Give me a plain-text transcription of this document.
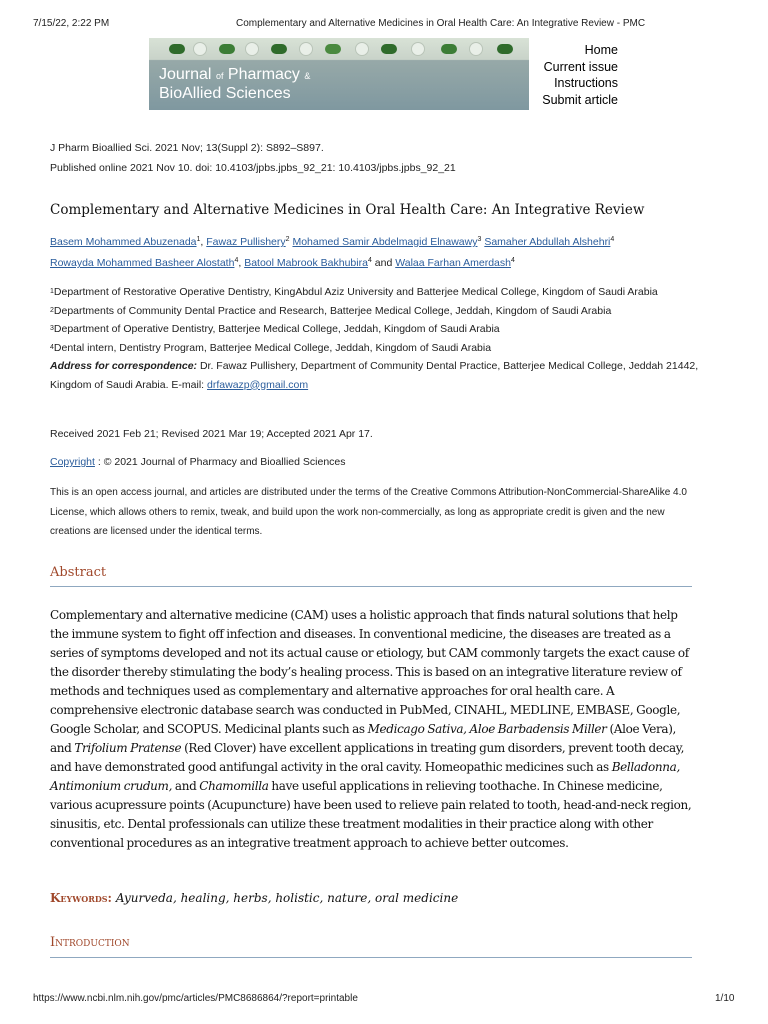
7/15/22, 2:22 PM	Complementary and Alternative Medicines in Oral Health Care: An Integrative Review - PMC
Journal of Pharmacy &
BioAllied Sciences
Home
Current issue
Instructions
Submit article
J Pharm Bioallied Sci. 2021 Nov; 13(Suppl 2): S892–S897.
Published online 2021 Nov 10. doi: 10.4103/jpbs.jpbs_92_21: 10.4103/jpbs.jpbs_92_21
Complementary and Alternative Medicines in Oral Health Care: An Integrative Review
Basem Mohammed Abuzenada$^1$, Fawaz Pullishery$^2$ Mohamed Samir Abdelmagid Elnawawy$^3$ Samaher Abdullah Alshehri$^4$
Rowayda Mohammed Basheer Alostath$^4$, Batool Mabrook Bakhubira$^4$ and Walaa Farhan Amerdash$^4$
$^1$Department of Restorative Operative Dentistry, KingAbdul Aziz University and Batterjee Medical College, Kingdom of Saudi Arabia
$^2$Departments of Community Dental Practice and Research, Batterjee Medical College, Jeddah, Kingdom of Saudi Arabia
$^3$Department of Operative Dentistry, Batterjee Medical College, Jeddah, Kingdom of Saudi Arabia
$^4$Dental intern, Dentistry Program, Batterjee Medical College, Jeddah, Kingdom of Saudi Arabia
Address for correspondence: Dr. Fawaz Pullishery, Department of Community Dental Practice, Batterjee Medical College, Jeddah 21442, Kingdom of Saudi Arabia. E-mail: drfawazp@gmail.com
Received 2021 Feb 21; Revised 2021 Mar 19; Accepted 2021 Apr 17.
Copyright : © 2021 Journal of Pharmacy and Bioallied Sciences
This is an open access journal, and articles are distributed under the terms of the Creative Commons Attribution-NonCommercial-ShareAlike 4.0 License, which allows others to remix, tweak, and build upon the work non-commercially, as long as appropriate credit is given and the new creations are licensed under the identical terms.
Abstract
Complementary and alternative medicine (CAM) uses a holistic approach that finds natural solutions that help the immune system to fight off infection and diseases. In conventional medicine, the diseases are treated as a series of symptoms developed and not its actual cause or etiology, but CAM commonly targets the exact cause of the disorder thereby stimulating the body’s healing process. This is based on an integrative literature review of methods and techniques used as complementary and alternative approaches for oral health care. A comprehensive electronic database search was conducted in PubMed, CINAHL, MEDLINE, EMBASE, Google, Google Scholar, and SCOPUS. Medicinal plants such as Medicago Sativa, Aloe Barbadensis Miller (Aloe Vera), and Trifolium Pratense (Red Clover) have excellent applications in treating gum disorders, prevent tooth decay, and have demonstrated good antifungal activity in the oral cavity. Homeopathic medicines such as Belladonna, Antimonium crudum, and Chamomilla have useful applications in relieving toothache. In Chinese medicine, various acupressure points (Acupuncture) have been used to relieve pain related to tooth, head-and-neck region, sinusitis, etc. Dental professionals can utilize these treatment modalities in their practice along with other conventional procedures as an integrative treatment approach to achieve better outcomes.
Keywords: Ayurveda, healing, herbs, holistic, nature, oral medicine
Introduction
https://www.ncbi.nlm.nih.gov/pmc/articles/PMC8686864/?report=printable	1/10
